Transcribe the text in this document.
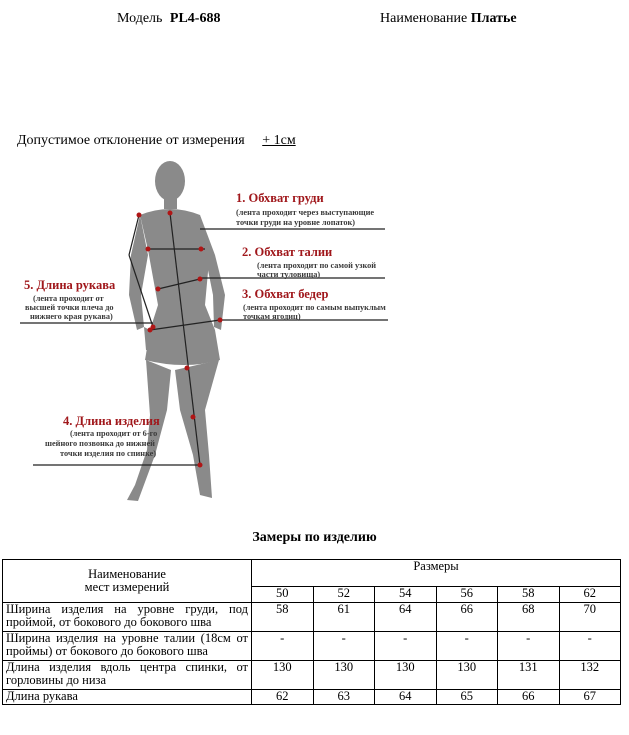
Модель PL4-688	Наименование Платье
Допустимое отклонение от измерения + 1см
1. Обхват груди
(лента проходит через выступающие
точки груди на уровне лопаток)
2. Обхват талии
(лента проходит по самой узкой
части туловища)
3. Обхват бедер
(лента проходит по самым выпуклым
точкам ягодиц)
4. Длина изделия
(лента проходит от 6-го
шейного позвонка до нижней
точки изделия по спинке)
5. Длина рукава
(лента проходит от
высшей точки плеча до
нижнего края рукава)
Замеры по изделию
Наименование
мест измерений	Размеры					
	50	52	54	56	58	62
Ширина изделия на уровне груди, под проймой, от бокового до бокового шва	58	61	64	66	68	70
Ширина изделия на уровне талии (18см от проймы) от бокового до бокового шва	-	-	-	-	-	-
Длина изделия вдоль центра спинки, от горловины до низа	130	130	130	130	131	132
Длина рукава	62	63	64	65	66	67
